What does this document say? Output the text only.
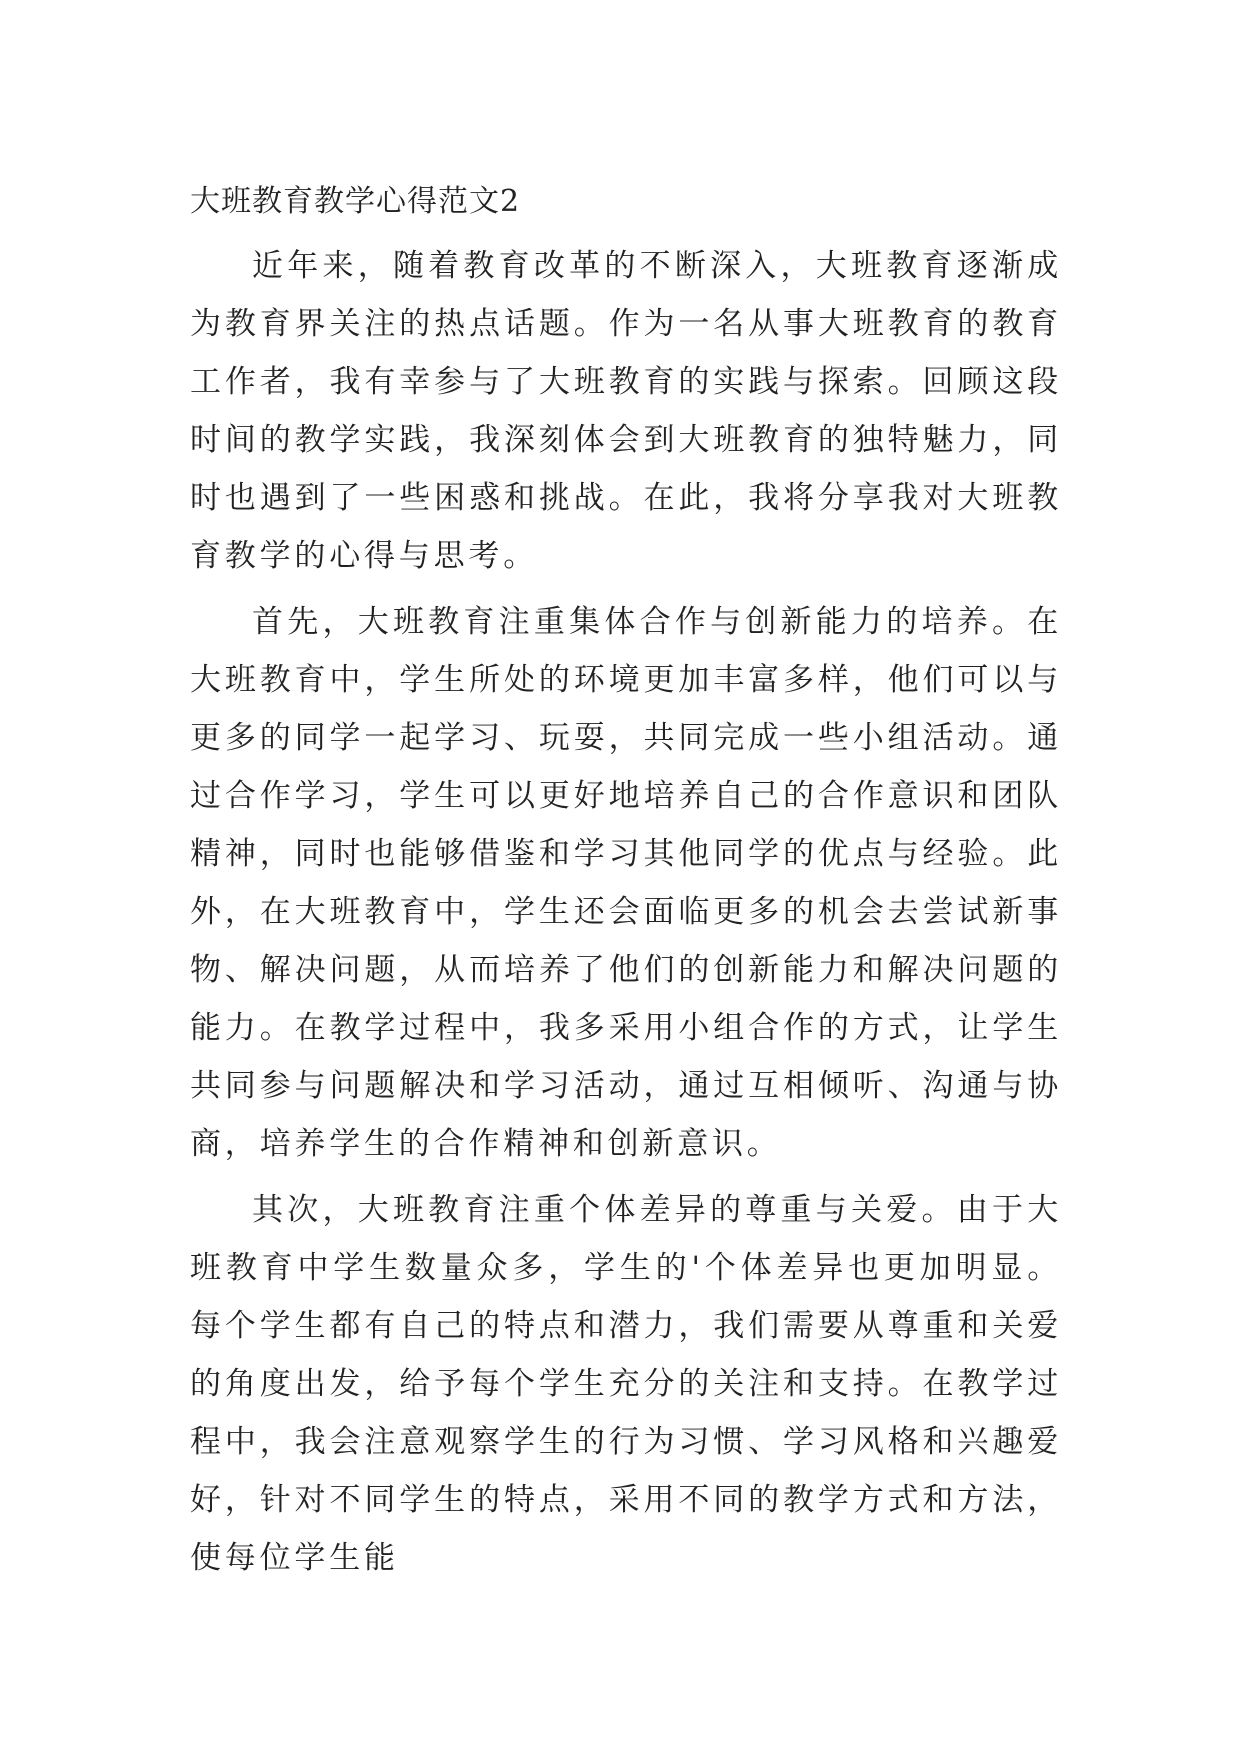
大班教育教学心得范文2

近年来，随着教育改革的不断深入，大班教育逐渐成为教育界关注的热点话题。作为一名从事大班教育的教育工作者，我有幸参与了大班教育的实践与探索。回顾这段时间的教学实践，我深刻体会到大班教育的独特魅力，同时也遇到了一些困惑和挑战。在此，我将分享我对大班教育教学的心得与思考。

首先，大班教育注重集体合作与创新能力的培养。在大班教育中，学生所处的环境更加丰富多样，他们可以与更多的同学一起学习、玩耍，共同完成一些小组活动。通过合作学习，学生可以更好地培养自己的合作意识和团队精神，同时也能够借鉴和学习其他同学的优点与经验。此外，在大班教育中，学生还会面临更多的机会去尝试新事物、解决问题，从而培养了他们的创新能力和解决问题的能力。在教学过程中，我多采用小组合作的方式，让学生共同参与问题解决和学习活动，通过互相倾听、沟通与协商，培养学生的合作精神和创新意识。

其次，大班教育注重个体差异的尊重与关爱。由于大班教育中学生数量众多，学生的'个体差异也更加明显。每个学生都有自己的特点和潜力，我们需要从尊重和关爱的角度出发，给予每个学生充分的关注和支持。在教学过程中，我会注意观察学生的行为习惯、学习风格和兴趣爱好，针对不同学生的特点，采用不同的教学方式和方法，使每位学生能
